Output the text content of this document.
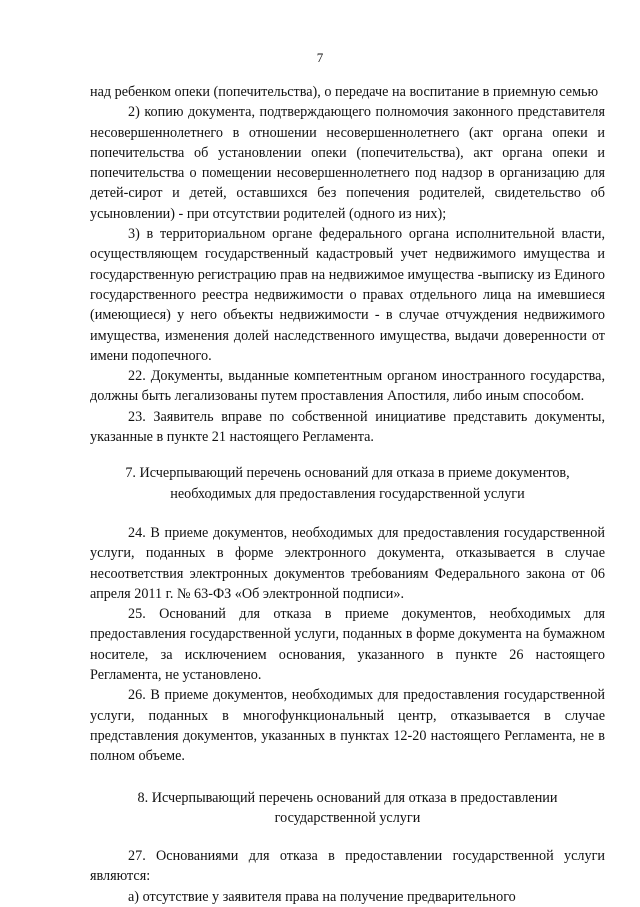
7

над ребенком опеки (попечительства), о передаче на воспитание в приемную семью

2) копию документа, подтверждающего полномочия законного представителя несовершеннолетнего в отношении несовершеннолетнего (акт органа опеки и попечительства об установлении опеки (попечительства), акт органа опеки и попечительства о помещении несовершеннолетнего под надзор в организацию для детей-сирот и детей, оставшихся без попечения родителей, свидетельство об усыновлении) - при отсутствии родителей (одного из них);

3) в территориальном органе федерального органа исполнительной власти, осуществляющем государственный кадастровый учет недвижимого имущества и государственную регистрацию прав на недвижимое имущества -выписку из Единого государственного реестра недвижимости о правах отдельного лица на имевшиеся (имеющиеся) у него объекты недвижимости - в случае отчуждения недвижимого имущества, изменения долей наследственного имущества, выдачи доверенности от имени подопечного.

22. Документы, выданные компетентным органом иностранного государства, должны быть легализованы путем проставления Апостиля, либо иным способом.

23. Заявитель вправе по собственной инициативе представить документы, указанные в пункте 21 настоящего Регламента.

7. Исчерпывающий перечень оснований для отказа в приеме документов, необходимых для предоставления государственной услуги

24. В приеме документов, необходимых для предоставления государственной услуги, поданных в форме электронного документа, отказывается в случае несоответствия электронных документов требованиям Федерального закона от 06 апреля 2011 г. № 63-ФЗ «Об электронной подписи».

25. Оснований для отказа в приеме документов, необходимых для предоставления государственной услуги, поданных в форме документа на бумажном носителе, за исключением основания, указанного в пункте 26 настоящего Регламента, не установлено.

26. В приеме документов, необходимых для предоставления государственной услуги, поданных в многофункциональный центр, отказывается в случае представления документов, указанных в пунктах 12-20 настоящего Регламента, не в полном объеме.

8. Исчерпывающий перечень оснований для отказа в предоставлении государственной услуги

27. Основаниями для отказа в предоставлении государственной услуги являются:

а) отсутствие у заявителя права на получение предварительного
